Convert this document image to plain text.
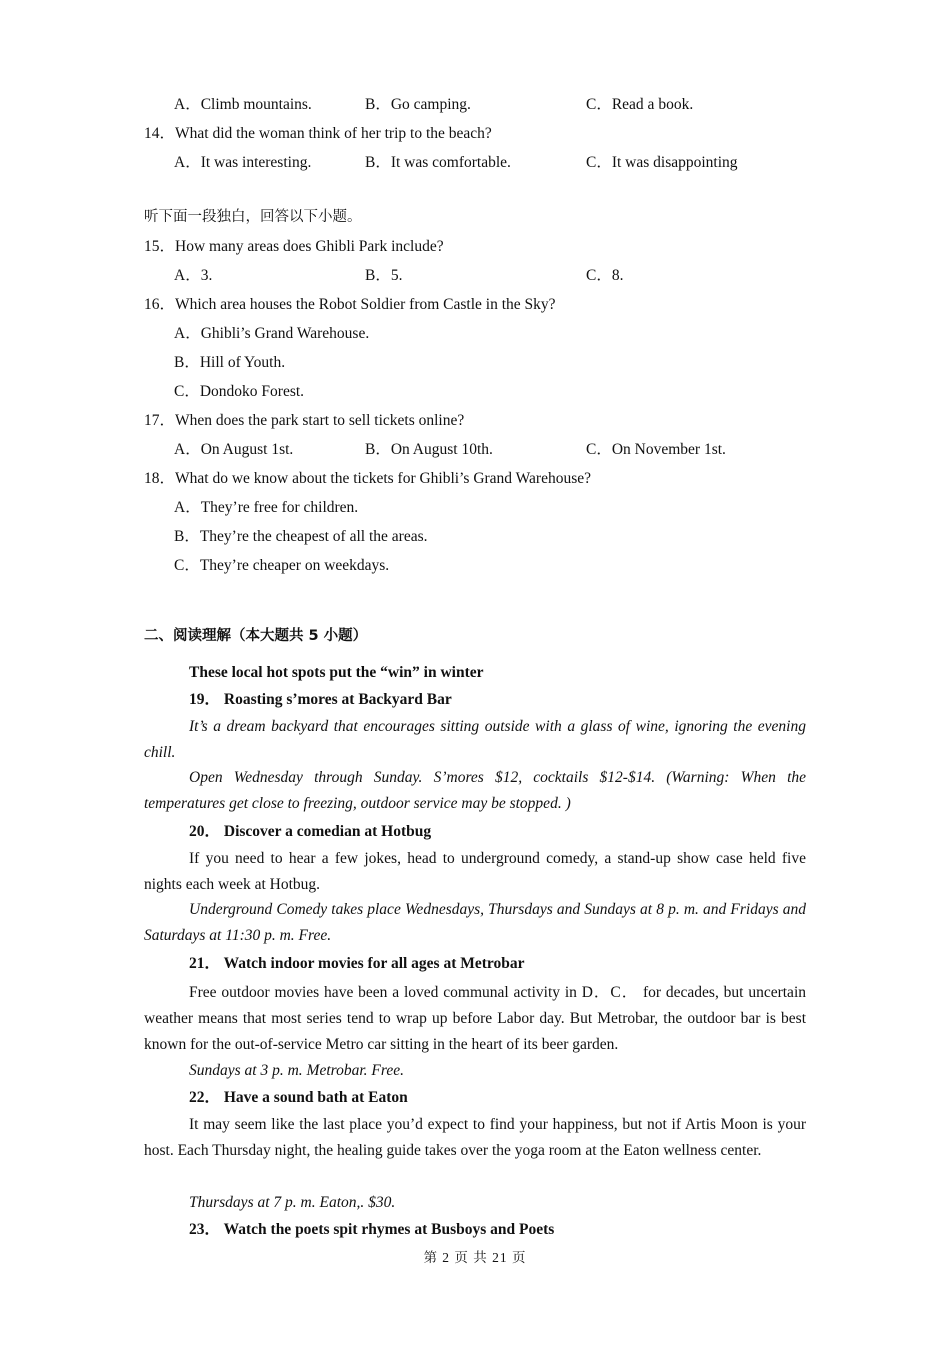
A．Climb mountains.	B．Go camping.	C．Read a book.
14．What did the woman think of her trip to the beach?
A．It was interesting.	B．It was comfortable.	C．It was disappointing
听下面一段独白，回答以下小题。
15．How many areas does Ghibli Park include?
A．3.	B．5.	C．8.
16．Which area houses the Robot Soldier from Castle in the Sky?
A．Ghibli’s Grand Warehouse.
B．Hill of Youth.
C．Dondoko Forest.
17．When does the park start to sell tickets online?
A．On August 1st.	B．On August 10th.	C．On November 1st.
18．What do we know about the tickets for Ghibli’s Grand Warehouse?
A．They’re free for children.
B．They’re the cheapest of all the areas.
C．They’re cheaper on weekdays.
二、阅读理解（本大题共 5 小题）
These local hot spots put the “win” in winter
19． Roasting s’mores at Backyard Bar
It’s a dream backyard that encourages sitting outside with a glass of wine, ignoring the evening chill.
Open Wednesday through Sunday. S’mores $12, cocktails $12-$14. (Warning: When the temperatures get close to freezing, outdoor service may be stopped. )
20． Discover a comedian at Hotbug
If you need to hear a few jokes, head to underground comedy, a stand-up show case held five nights each week at Hotbug.
Underground Comedy takes place Wednesdays, Thursdays and Sundays at 8 p. m. and Fridays and Saturdays at 11:30 p. m. Free.
21． Watch indoor movies for all ages at Metrobar
Free outdoor movies have been a loved communal activity in D．C． for decades, but uncertain weather means that most series tend to wrap up before Labor day. But Metrobar, the outdoor bar is best known for the out-of-service Metro car sitting in the heart of its beer garden.
Sundays at 3 p. m. Metrobar. Free.
22． Have a sound bath at Eaton
It may seem like the last place you’d expect to find your happiness, but not if Artis Moon is your host. Each Thursday night, the healing guide takes over the yoga room at the Eaton wellness center.
Thursdays at 7 p. m. Eaton,. $30.
23． Watch the poets spit rhymes at Busboys and Poets
第 2 页 共 21 页
